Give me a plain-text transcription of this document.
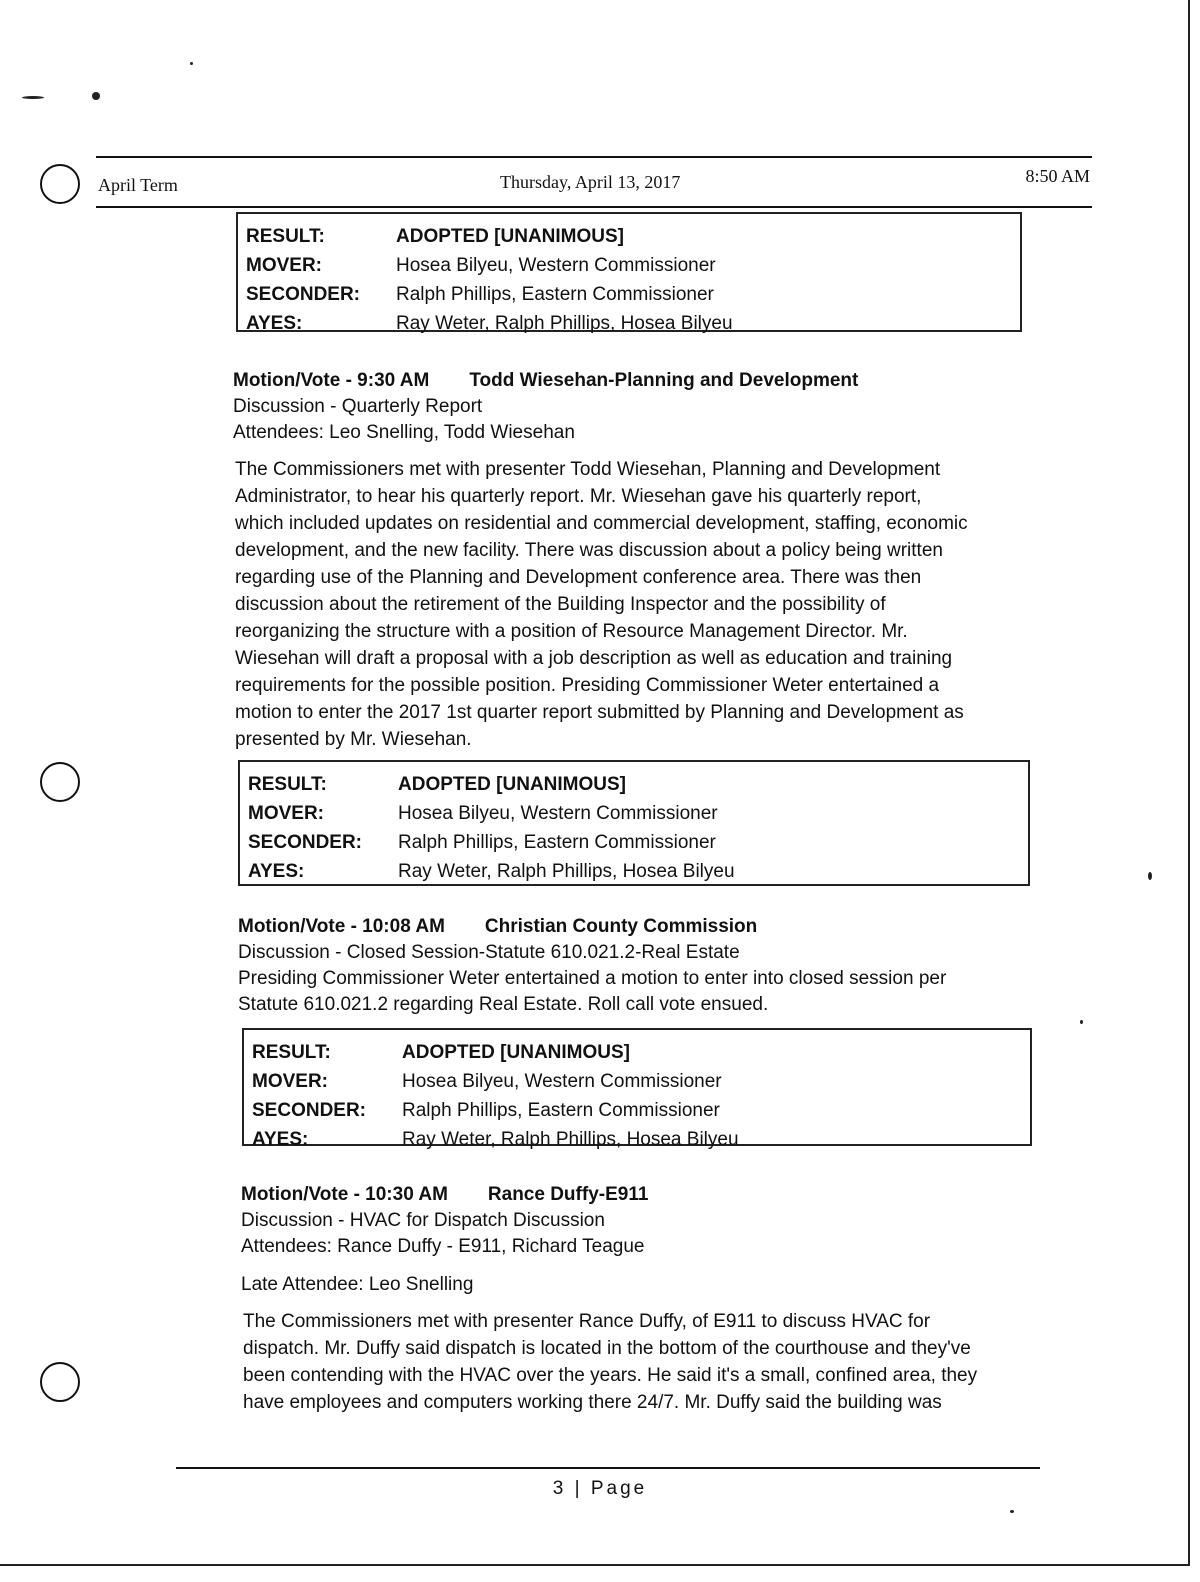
April Term	Thursday, April 13, 2017	8:50 AM
RESULT:	ADOPTED [UNANIMOUS]
MOVER:	Hosea Bilyeu, Western Commissioner
SECONDER:	Ralph Phillips, Eastern Commissioner
AYES:	Ray Weter, Ralph Phillips, Hosea Bilyeu
Motion/Vote - 9:30 AM Todd Wiesehan-Planning and Development
Discussion - Quarterly Report
Attendees: Leo Snelling, Todd Wiesehan
The Commissioners met with presenter Todd Wiesehan, Planning and Development
Administrator, to hear his quarterly report. Mr. Wiesehan gave his quarterly report,
which included updates on residential and commercial development, staffing, economic
development, and the new facility. There was discussion about a policy being written
regarding use of the Planning and Development conference area. There was then
discussion about the retirement of the Building Inspector and the possibility of
reorganizing the structure with a position of Resource Management Director. Mr.
Wiesehan will draft a proposal with a job description as well as education and training
requirements for the possible position. Presiding Commissioner Weter entertained a
motion to enter the 2017 1st quarter report submitted by Planning and Development as
presented by Mr. Wiesehan.
RESULT:	ADOPTED [UNANIMOUS]
MOVER:	Hosea Bilyeu, Western Commissioner
SECONDER:	Ralph Phillips, Eastern Commissioner
AYES:	Ray Weter, Ralph Phillips, Hosea Bilyeu
Motion/Vote - 10:08 AM Christian County Commission
Discussion - Closed Session-Statute 610.021.2-Real Estate
Presiding Commissioner Weter entertained a motion to enter into closed session per
Statute 610.021.2 regarding Real Estate. Roll call vote ensued.
RESULT:	ADOPTED [UNANIMOUS]
MOVER:	Hosea Bilyeu, Western Commissioner
SECONDER:	Ralph Phillips, Eastern Commissioner
AYES:	Ray Weter, Ralph Phillips, Hosea Bilyeu
Motion/Vote - 10:30 AM Rance Duffy-E911
Discussion - HVAC for Dispatch Discussion
Attendees: Rance Duffy - E911, Richard Teague
Late Attendee: Leo Snelling
The Commissioners met with presenter Rance Duffy, of E911 to discuss HVAC for
dispatch. Mr. Duffy said dispatch is located in the bottom of the courthouse and they've
been contending with the HVAC over the years. He said it's a small, confined area, they
have employees and computers working there 24/7. Mr. Duffy said the building was
3 | Page
